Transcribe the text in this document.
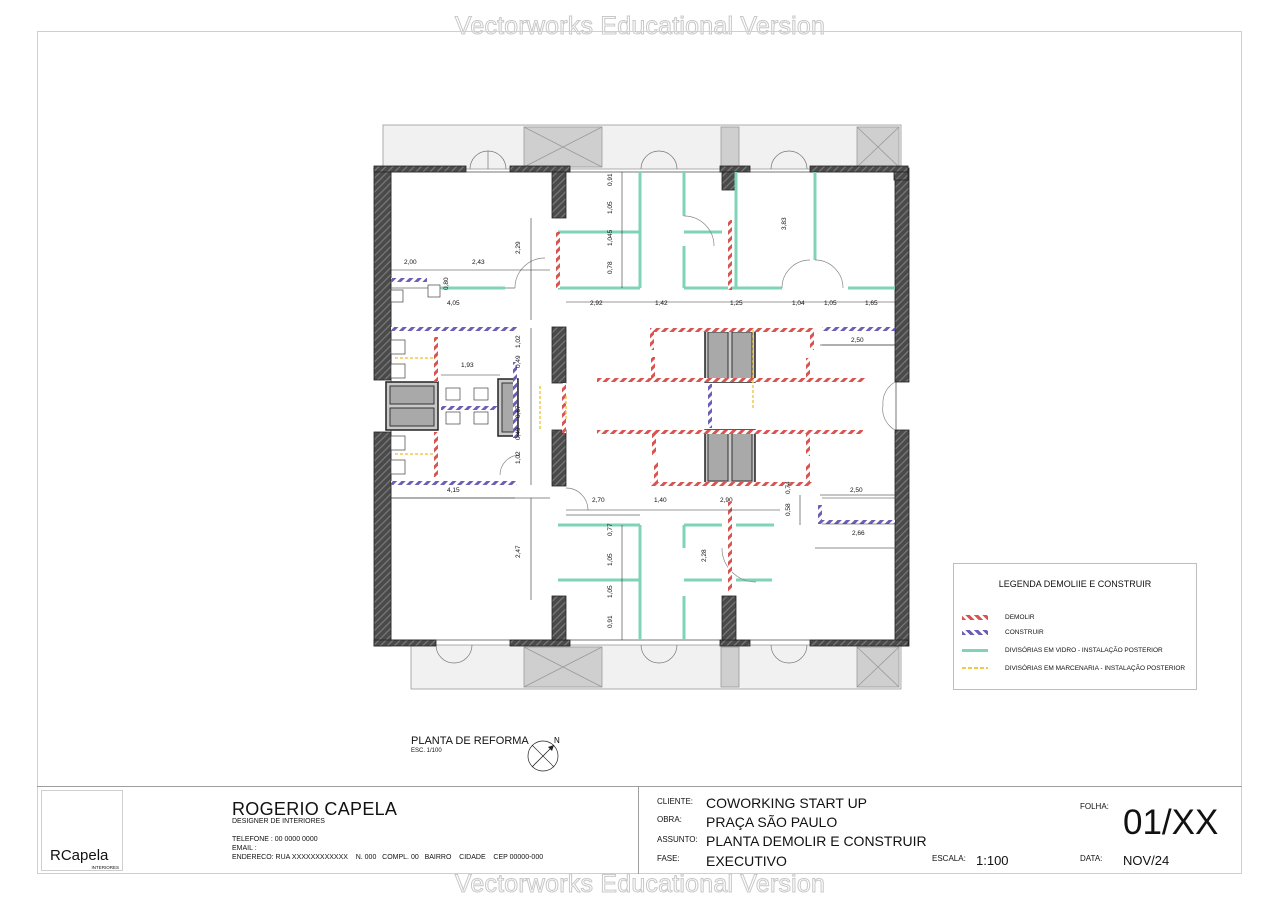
Vectorworks Educational Version
0,91
1,05
1,045
0,78
3,83
2,29
2,00	2,43
0,80
4,05	2,92	1,42	1,25	1,04	1,05	1,65
2,50
1,02
1,93	0,49
0,67
0,49
1,02
4,15
2,70	1,40	2,90
0,74	2,50
0,58
2,66
0,77
1,05
2,47	2,28
1,05
0,91
PLANTA DE REFORMA
ESC. 1/100
N
LEGENDA DEMOLIIE E CONSTRUIR
DEMOLIR
CONSTRUIR
DIVISÓRIAS EM VIDRO - INSTALAÇÃO POSTERIOR
DIVISÓRIAS EM MARCENARIA - INSTALAÇÃO POSTERIOR
RCapela
INTERIORES
ROGERIO CAPELA
DESIGNER DE INTERIORES
TELEFONE : 00 0000 0000
EMAIL :
ENDERECO: RUA XXXXXXXXXXXX    N. 000   COMPL. 00   BAIRRO    CIDADE    CEP 00000-000
CLIENTE: COWORKING START UP
OBRA: PRAÇA SÃO PAULO
ASSUNTO: PLANTA DEMOLIR E CONSTRUIR
FASE: EXECUTIVO	ESCALA: 1:100
FOLHA: 01/XX
DATA: NOV/24
Vectorworks Educational Version
